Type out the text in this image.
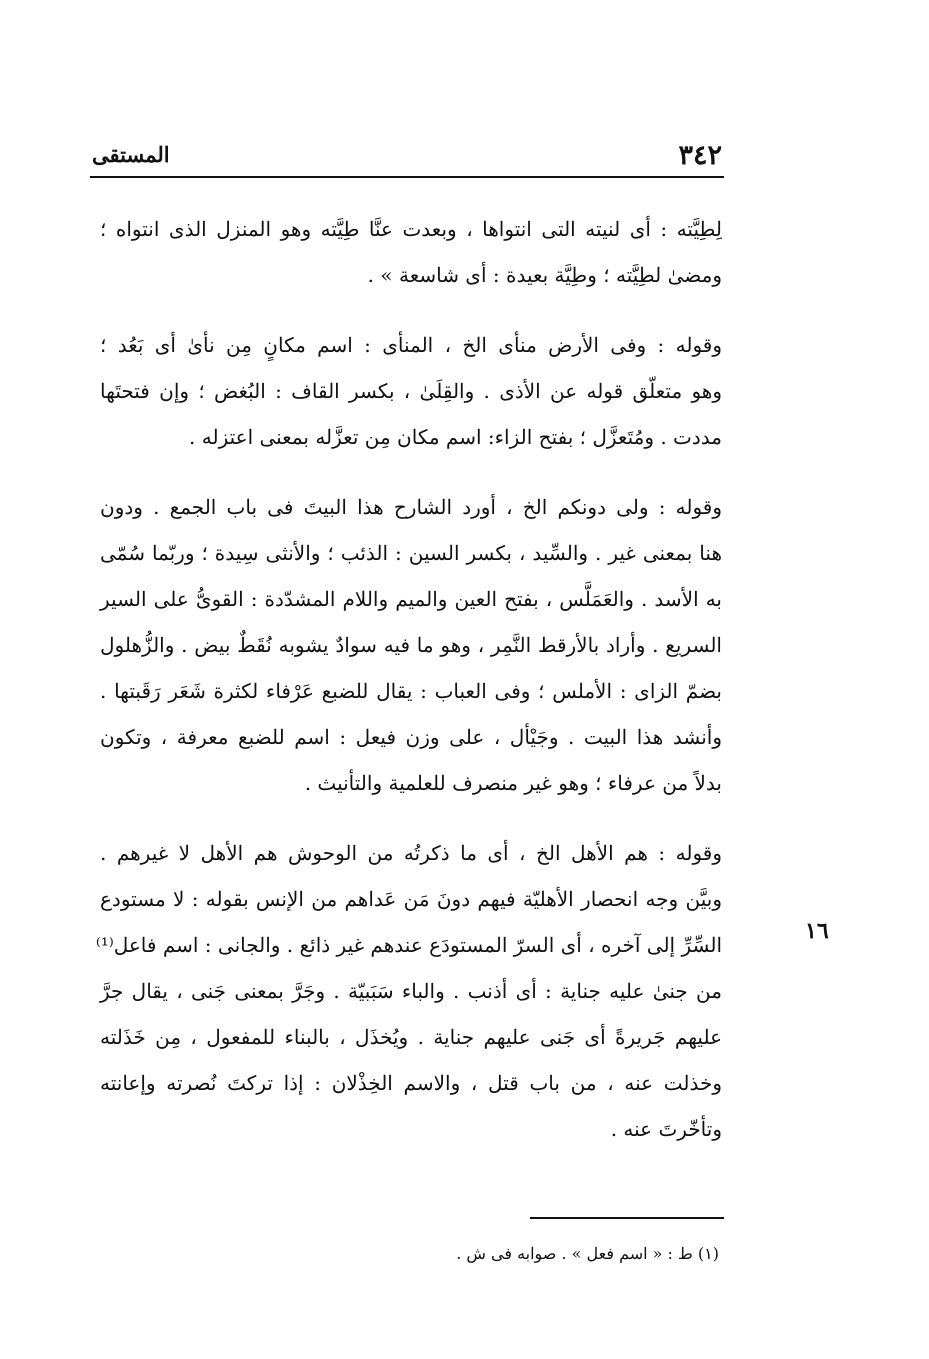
٣٤٢
المستقى
لِطِيَّته : أى لنيته التى انتواها ، وبعدت عنَّا طِيَّته وهو المنزل الذى انتواه ؛
ومضىٰ لطِيَّته ؛ وطِيَّة بعيدة : أى شاسعة » .
وقوله : وفى الأرض منأى الخ ، المنأى : اسم مكانٍ مِن نأىٰ أى بَعُد ؛
وهو متعلّق قوله عن الأذى . والقِلَىٰ ، بكسر القاف : البُغض ؛ وإن فتحتَها
مددت . ومُتَعزَّل ؛ بفتح الزاء: اسم مكان مِن تعزَّله بمعنى اعتزله .
وقوله : ولى دونكم الخ ، أورد الشارح هذا البيتَ فى باب الجمع . ودون
هنا بمعنى غير . والسِّيد ، بكسر السين : الذئب ؛ والأنثى سِيدة ؛ وربّما سُمّى
به الأسد . والعَمَلَّس ، بفتح العين والميم واللام المشدّدة : القوىُّ على السير
السريع . وأراد بالأرقط النَّمِر ، وهو ما فيه سوادٌ يشوبه نُقَطٌ بيض . والزُّهلول
بضمّ الزاى : الأملس ؛ وفى العباب : يقال للضبع عَرْفاء لكثرة شَعَر رَقَبتها .
وأنشد هذا البيت . وجَيْأل ، على وزن فيعل : اسم للضبع معرفة ، وتكون
بدلاً من عرفاء ؛ وهو غير منصرف للعلمية والتأنيث .
وقوله : هم الأهل الخ ، أى ما ذكرتُه من الوحوش هم الأهل لا غيرهم .
وبيَّن وجه انحصار الأهليّة فيهم دونَ مَن عَداهم من الإنس بقوله : لا مستودع
السِّرِّ إلى آخره ، أى السرّ المستودَع عندهم غير ذائع . والجانى : اسم فاعل⁽¹⁾
من جنىٰ عليه جناية : أى أذنب . والباء سَبَبيّة . وجَرَّ بمعنى جَنى ، يقال جرَّ
عليهم جَريرةً أى جَنى عليهم جناية . ويُخذَل ، بالبناء للمفعول ، مِن خَذَلته
وخذلت عنه ، من باب قتل ، والاسم الخِذْلان : إذا تركتَ نُصرته وإعانته
وتأخّرتَ عنه .
١٦
(١) ط : « اسم فعل » . صوابه فى ش .
